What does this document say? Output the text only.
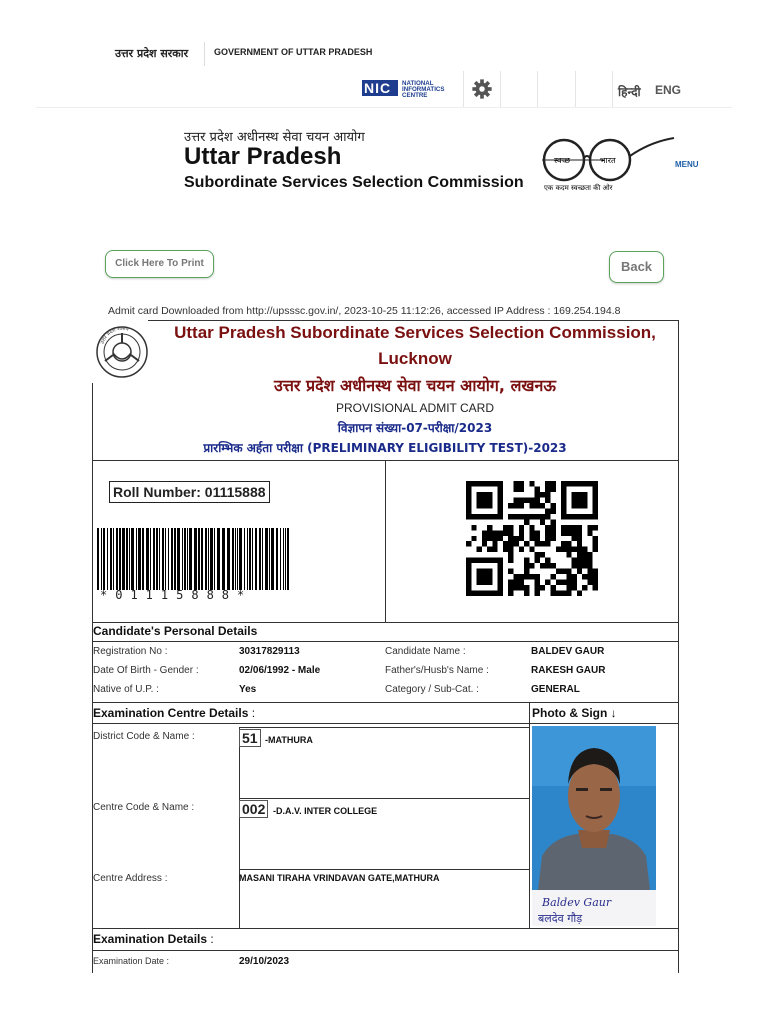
उत्तर प्रदेश सरकार	GOVERNMENT OF UTTAR PRADESH
NIC NATIONAL
INFORMATICS
CENTRE	हिन्दी ENG
उत्तर प्रदेश अधीनस्थ सेवा चयन आयोग
Uttar Pradesh
Subordinate Services Selection Commission
स्वच्छ	भारत
एक कदम स्वच्छता की ओर
MENU
Click Here To Print	Back
Admit card Downloaded from http://upsssc.gov.in/, 2023-10-25 11:12:26, accessed IP Address : 169.254.194.8
उत्तर प्रदेश शासन	Uttar Pradesh Subordinate Services Selection Commission,
Lucknow
उत्तर प्रदेश अधीनस्थ सेवा चयन आयोग, लखनऊ
PROVISIONAL ADMIT CARD
विज्ञापन संख्या-07-परीक्षा/2023
प्रारम्भिक अर्हता परीक्षा (PRELIMINARY ELIGIBILITY TEST)-2023
Roll Number: 01115888
*01115888*
Candidate's Personal Details
Registration No :	30317829113	Candidate Name :	BALDEV GAUR
Date Of Birth - Gender :	02/06/1992 - Male	Father's/Husb's Name :	RAKESH GAUR
Native of U.P. :	Yes	Category / Sub-Cat. :	GENERAL
Examination Centre Details :	Photo & Sign ↓
District Code & Name :	51 -MATHURA
Centre Code & Name :	002 -D.A.V. INTER COLLEGE
Centre Address :	MASANI TIRAHA VRINDAVAN GATE,MATHURA
Baldev Gaur
बलदेव गौड़
Examination Details :
Examination Date :	29/10/2023
